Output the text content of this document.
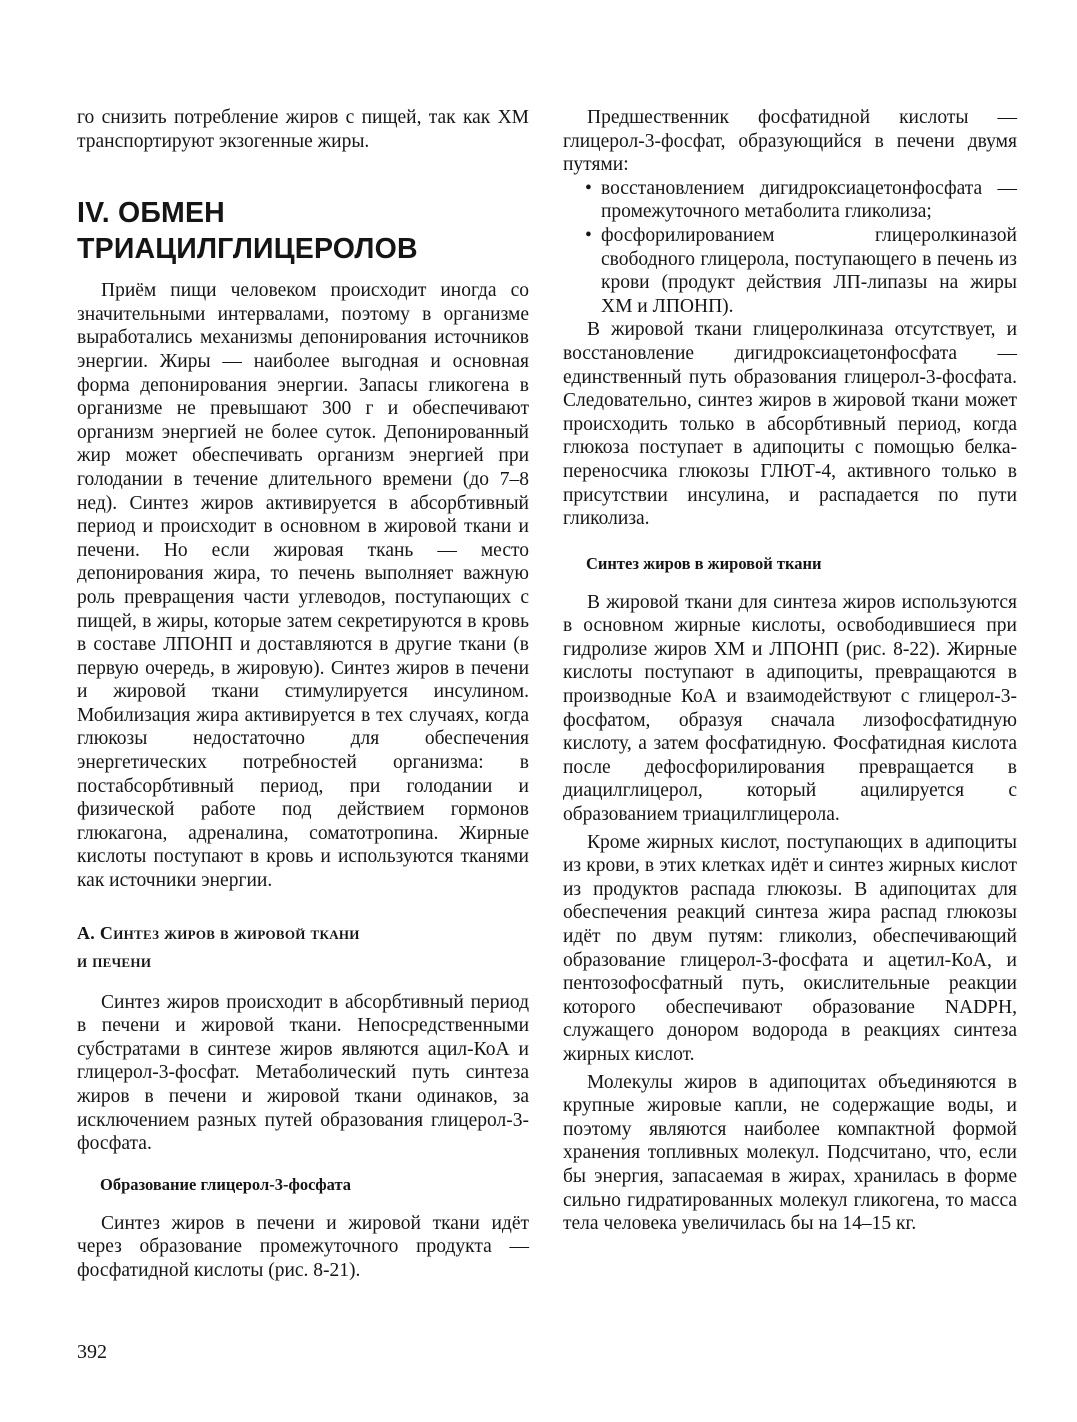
го снизить потребление жиров с пищей, так как ХМ транспортируют экзогенные жиры.

IV. ОБМЕН
ТРИАЦИЛГЛИЦЕРОЛОВ

Приём пищи человеком происходит иногда со значительными интервалами, поэтому в организме выработались механизмы депонирования источников энергии. Жиры — наиболее выгодная и основная форма депонирования энергии. Запасы гликогена в организме не превышают 300 г и обеспечивают организм энергией не более суток. Депонированный жир может обеспечивать организм энергией при голодании в течение длительного времени (до 7–8 нед). Синтез жиров активируется в абсорбтивный период и происходит в основном в жировой ткани и печени. Но если жировая ткань — место депонирования жира, то печень выполняет важную роль превращения части углеводов, поступающих с пищей, в жиры, которые затем секретируются в кровь в составе ЛПОНП и доставляются в другие ткани (в первую очередь, в жировую). Синтез жиров в печени и жировой ткани стимулируется инсулином. Мобилизация жира активируется в тех случаях, когда глюкозы недостаточно для обеспечения энергетических потребностей организма: в постабсорбтивный период, при голодании и физической работе под действием гормонов глюкагона, адреналина, соматотропина. Жирные кислоты поступают в кровь и используются тканями как источники энергии.

А. Синтез жиров в жировой ткани
и печени

Синтез жиров происходит в абсорбтивный период в печени и жировой ткани. Непосредственными субстратами в синтезе жиров являются ацил-КоА и глицерол-3-фосфат. Метаболический путь синтеза жиров в печени и жировой ткани одинаков, за исключением разных путей образования глицерол-3-фосфата.

Образование глицерол-3-фосфата

Синтез жиров в печени и жировой ткани идёт через образование промежуточного продукта — фосфатидной кислоты (рис. 8-21).

Предшественник фосфатидной кислоты — глицерол-3-фосфат, образующийся в печени двумя путями:

• восстановлением дигидроксиацетонфосфата — промежуточного метаболита гликолиза;
• фосфорилированием глицеролкиназой свободного глицерола, поступающего в печень из крови (продукт действия ЛП-липазы на жиры ХМ и ЛПОНП).

В жировой ткани глицеролкиназа отсутствует, и восстановление дигидроксиацетонфосфата — единственный путь образования глицерол-3-фосфата. Следовательно, синтез жиров в жировой ткани может происходить только в абсорбтивный период, когда глюкоза поступает в адипоциты с помощью белка-переносчика глюкозы ГЛЮТ-4, активного только в присутствии инсулина, и распадается по пути гликолиза.

Синтез жиров в жировой ткани

В жировой ткани для синтеза жиров используются в основном жирные кислоты, освободившиеся при гидролизе жиров ХМ и ЛПОНП (рис. 8-22). Жирные кислоты поступают в адипоциты, превращаются в производные КоА и взаимодействуют с глицерол-3-фосфатом, образуя сначала лизофосфатидную кислоту, а затем фосфатидную. Фосфатидная кислота после дефосфорилирования превращается в диацилглицерол, который ацилируется с образованием триацилглицерола.

Кроме жирных кислот, поступающих в адипоциты из крови, в этих клетках идёт и синтез жирных кислот из продуктов распада глюкозы. В адипоцитах для обеспечения реакций синтеза жира распад глюкозы идёт по двум путям: гликолиз, обеспечивающий образование глицерол-3-фосфата и ацетил-КоА, и пентозофосфатный путь, окислительные реакции которого обеспечивают образование NADPH, служащего донором водорода в реакциях синтеза жирных кислот.

Молекулы жиров в адипоцитах объединяются в крупные жировые капли, не содержащие воды, и поэтому являются наиболее компактной формой хранения топливных молекул. Подсчитано, что, если бы энергия, запасаемая в жирах, хранилась в форме сильно гидратированных молекул гликогена, то масса тела человека увеличилась бы на 14–15 кг.

392
